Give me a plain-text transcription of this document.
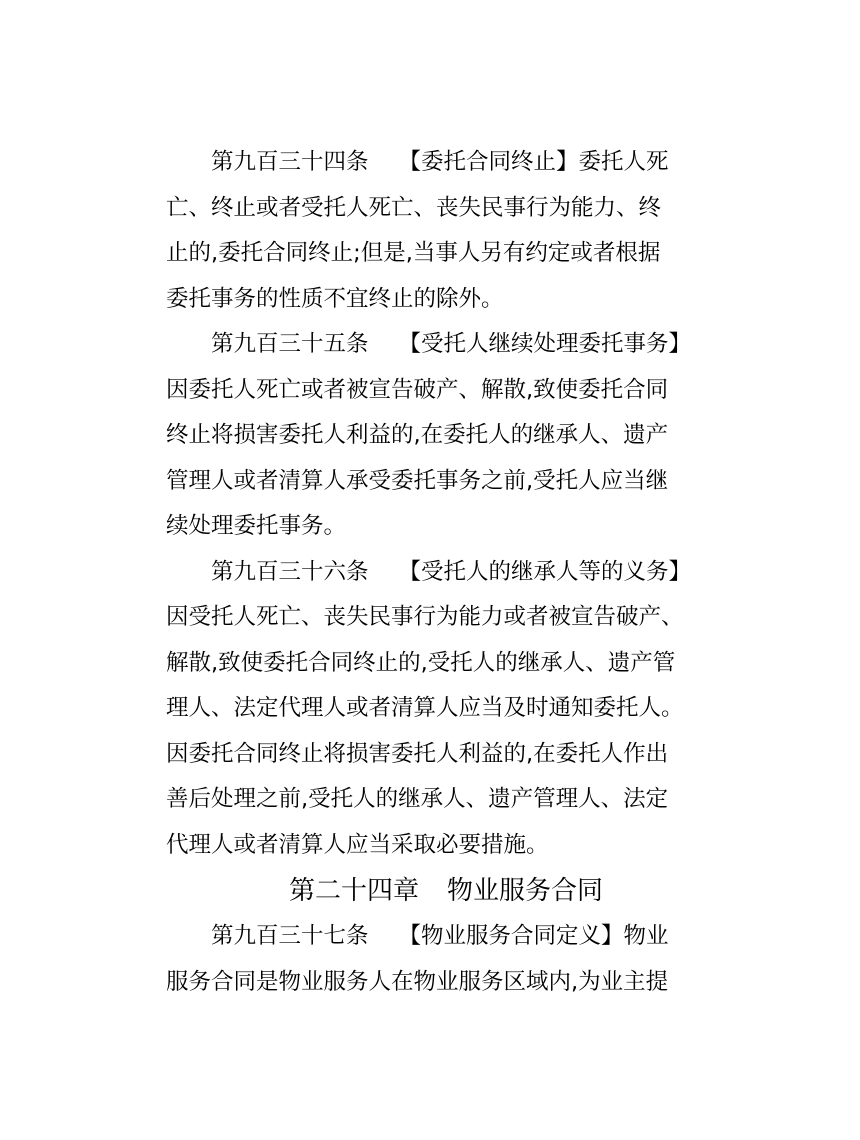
第九百三十四条 【委托合同终止】委托人死
亡、终止或者受托人死亡、丧失民事行为能力、终
止的,委托合同终止;但是,当事人另有约定或者根据
委托事务的性质不宜终止的除外。
第九百三十五条 【受托人继续处理委托事务】
因委托人死亡或者被宣告破产、解散,致使委托合同
终止将损害委托人利益的,在委托人的继承人、遗产
管理人或者清算人承受委托事务之前,受托人应当继
续处理委托事务。
第九百三十六条 【受托人的继承人等的义务】
因受托人死亡、丧失民事行为能力或者被宣告破产、
解散,致使委托合同终止的,受托人的继承人、遗产管
理人、法定代理人或者清算人应当及时通知委托人。
因委托合同终止将损害委托人利益的,在委托人作出
善后处理之前,受托人的继承人、遗产管理人、法定
代理人或者清算人应当采取必要措施。
第二十四章 物业服务合同
第九百三十七条 【物业服务合同定义】物业
服务合同是物业服务人在物业服务区域内,为业主提
